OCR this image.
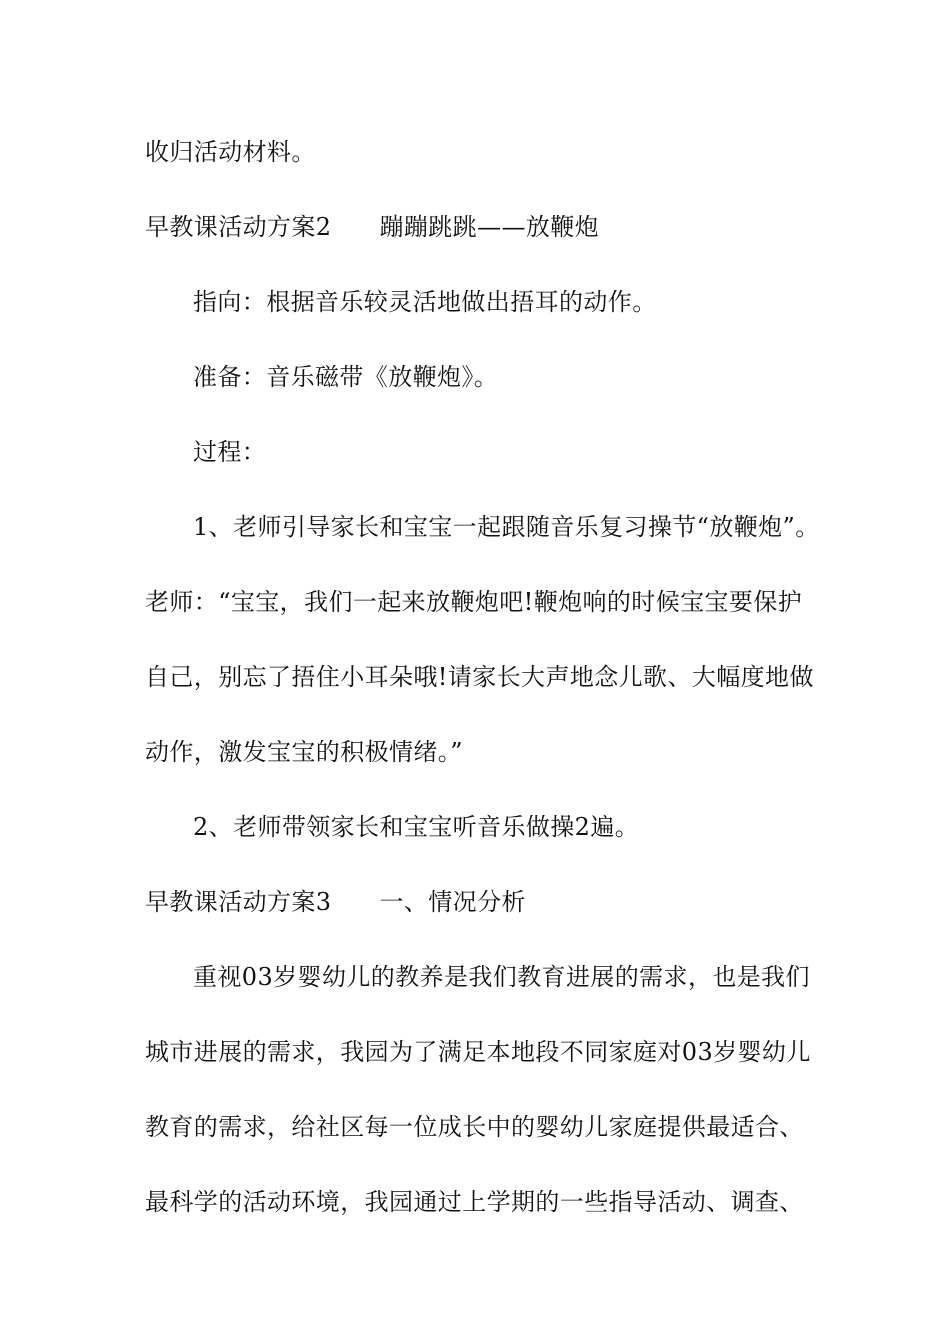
收归活动材料。
早教课活动方案2 蹦蹦跳跳——放鞭炮
指向：根据音乐较灵活地做出捂耳的动作。
准备：音乐磁带《放鞭炮》。
过程：
1、老师引导家长和宝宝一起跟随音乐复习操节“放鞭炮”。
老师：“宝宝，我们一起来放鞭炮吧!鞭炮响的时候宝宝要保护
自己，别忘了捂住小耳朵哦!请家长大声地念儿歌、大幅度地做
动作，激发宝宝的积极情绪。”
2、老师带领家长和宝宝听音乐做操2遍。
早教课活动方案3 一、情况分析
重视03岁婴幼儿的教养是我们教育进展的需求，也是我们
城市进展的需求，我园为了满足本地段不同家庭对03岁婴幼儿
教育的需求，给社区每一位成长中的婴幼儿家庭提供最适合、
最科学的活动环境，我园通过上学期的一些指导活动、调查、
